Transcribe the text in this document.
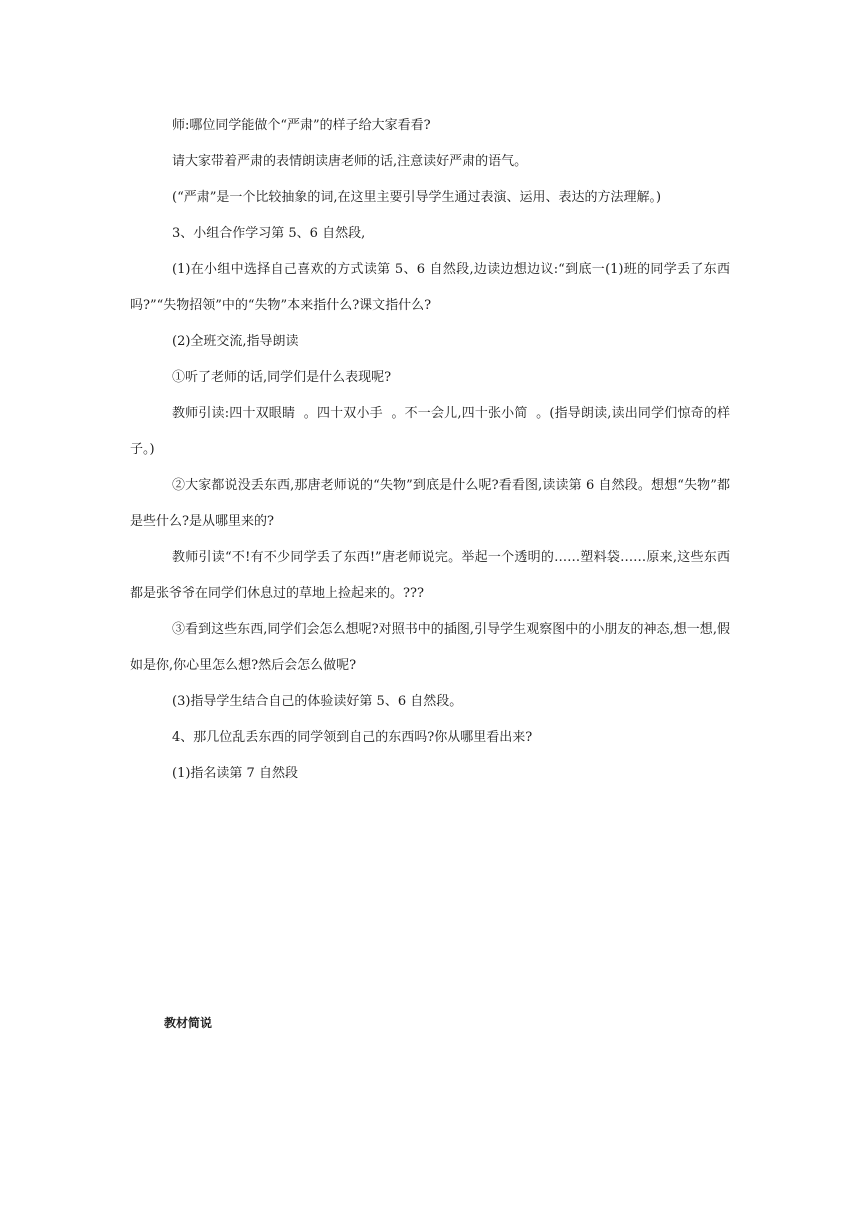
师:哪位同学能做个“严肃”的样子给大家看看?

请大家带着严肃的表情朗读唐老师的话,注意读好严肃的语气。

(“严肃”是一个比较抽象的词,在这里主要引导学生通过表演、运用、表达的方法理解。)

3、小组合作学习第 5、6 自然段,

(1)在小组中选择自己喜欢的方式读第 5、6 自然段,边读边想边议:“到底一(1)班的同学丢了东西吗?”“失物招领”中的“失物”本来指什么?课文指什么?

(2)全班交流,指导朗读

①听了老师的话,同学们是什么表现呢?

教师引读:四十双眼睛  。四十双小手  。不一会儿,四十张小简  。(指导朗读,读出同学们惊奇的样子。)

②大家都说没丢东西,那唐老师说的“失物”到底是什么呢?看看图,读读第 6 自然段。想想“失物”都是些什么?是从哪里来的?

教师引读“不!有不少同学丢了东西!”唐老师说完。举起一个透明的……塑料袋……原来,这些东西都是张爷爷在同学们休息过的草地上捡起来的。???

③看到这些东西,同学们会怎么想呢?对照书中的插图,引导学生观察图中的小朋友的神态,想一想,假如是你,你心里怎么想?然后会怎么做呢?

(3)指导学生结合自己的体验读好第 5、6 自然段。

4、那几位乱丢东西的同学领到自己的东西吗?你从哪里看出来?

(1)指名读第 7 自然段

教材简说
